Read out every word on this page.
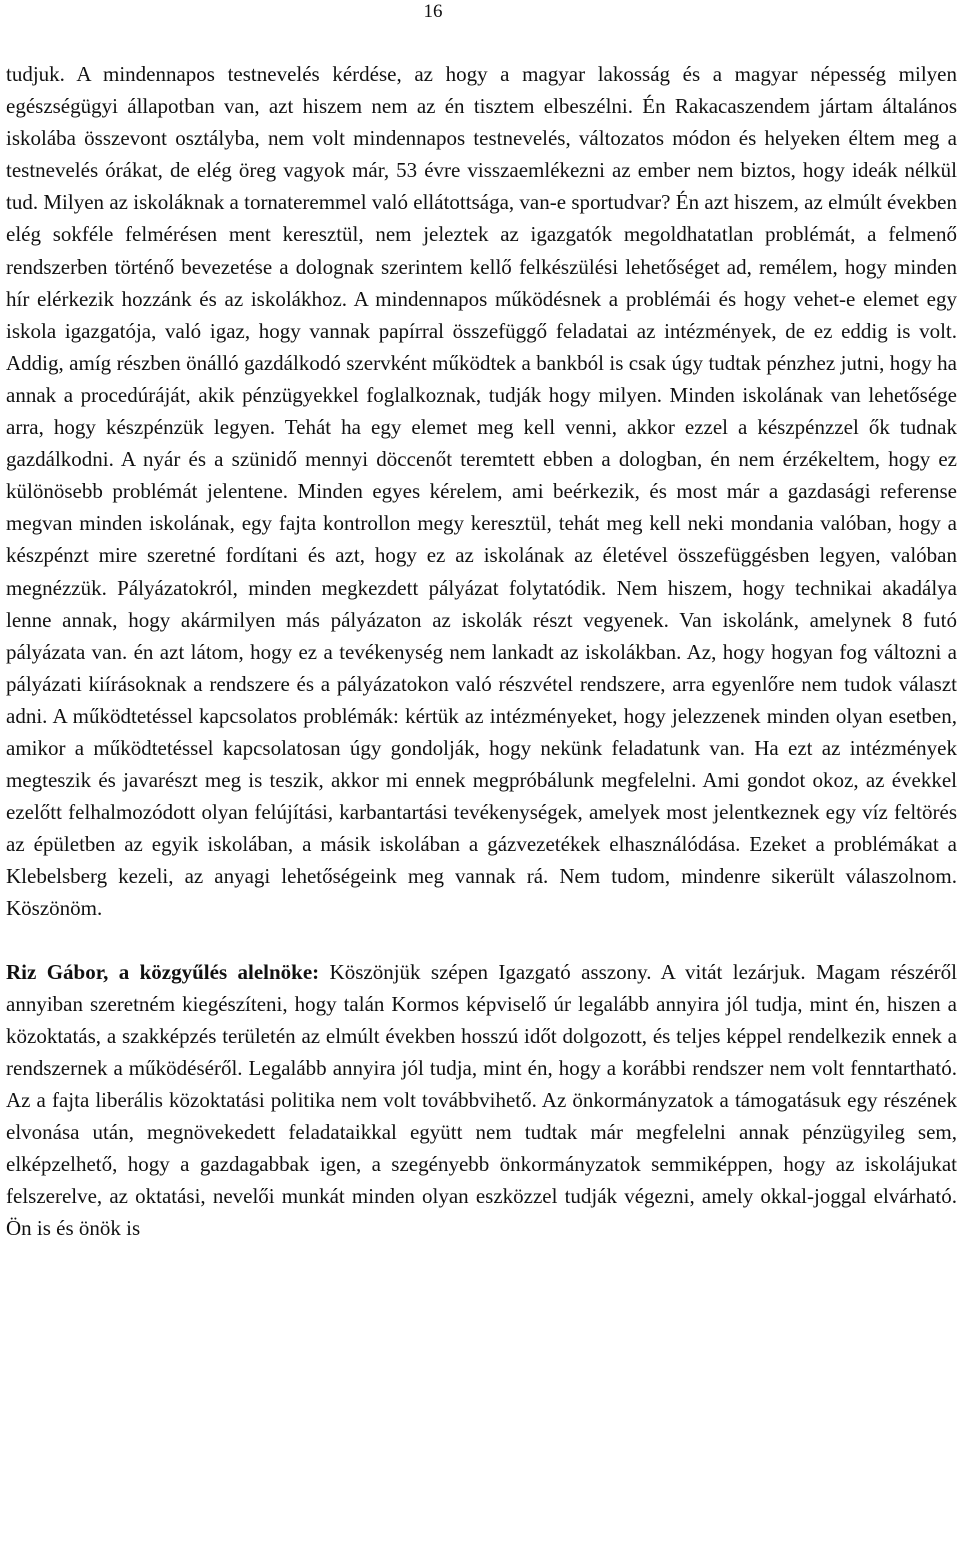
16

tudjuk. A mindennapos testnevelés kérdése, az hogy a magyar lakosság és a magyar népesség milyen egészségügyi állapotban van, azt hiszem nem az én tisztem elbeszélni. Én Rakacaszendem jártam általános iskolába összevont osztályba, nem volt mindennapos testnevelés, változatos módon és helyeken éltem meg a testnevelés órákat, de elég öreg vagyok már, 53 évre visszaemlékezni az ember nem biztos, hogy ideák nélkül tud. Milyen az iskoláknak a tornateremmel való ellátottsága, van-e sportudvar? Én azt hiszem, az elmúlt években elég sokféle felmérésen ment keresztül, nem jeleztek az igazgatók megoldhatatlan problémát, a felmenő rendszerben történő bevezetése a dolognak szerintem kellő felkészülési lehetőséget ad, remélem, hogy minden hír elérkezik hozzánk és az iskolákhoz. A mindennapos működésnek a problémái és hogy vehet-e elemet egy iskola igazgatója, való igaz, hogy vannak papírral összefüggő feladatai az intézmények, de ez eddig is volt. Addig, amíg részben önálló gazdálkodó szervként működtek a bankból is csak úgy tudtak pénzhez jutni, hogy ha annak a procedúráját, akik pénzügyekkel foglalkoznak, tudják hogy milyen. Minden iskolának van lehetősége arra, hogy készpénzük legyen. Tehát ha egy elemet meg kell venni, akkor ezzel a készpénzzel ők tudnak gazdálkodni. A nyár és a szünidő mennyi döccenőt teremtett ebben a dologban, én nem érzékeltem, hogy ez különösebb problémát jelentene. Minden egyes kérelem, ami beérkezik, és most már a gazdasági referense megvan minden iskolának, egy fajta kontrollon megy keresztül, tehát meg kell neki mondania valóban, hogy a készpénzt mire szeretné fordítani és azt, hogy ez az iskolának az életével összefüggésben legyen, valóban megnézzük. Pályázatokról, minden megkezdett pályázat folytatódik. Nem hiszem, hogy technikai akadálya lenne annak, hogy akármilyen más pályázaton az iskolák részt vegyenek. Van iskolánk, amelynek 8 futó pályázata van. én azt látom, hogy ez a tevékenység nem lankadt az iskolákban. Az, hogy hogyan fog változni a pályázati kiírásoknak a rendszere és a pályázatokon való részvétel rendszere, arra egyenlőre nem tudok választ adni. A működtetéssel kapcsolatos problémák: kértük az intézményeket, hogy jelezzenek minden olyan esetben, amikor a működtetéssel kapcsolatosan úgy gondolják, hogy nekünk feladatunk van. Ha ezt az intézmények megteszik és javarészt meg is teszik, akkor mi ennek megpróbálunk megfelelni. Ami gondot okoz, az évekkel ezelőtt felhalmozódott olyan felújítási, karbantartási tevékenységek, amelyek most jelentkeznek egy víz feltörés az épületben az egyik iskolában, a másik iskolában a gázvezetékek elhasználódása. Ezeket a problémákat a Klebelsberg kezeli, az anyagi lehetőségeink meg vannak rá. Nem tudom, mindenre sikerült válaszolnom. Köszönöm.

Riz Gábor, a közgyűlés alelnöke: Köszönjük szépen Igazgató asszony. A vitát lezárjuk. Magam részéről annyiban szeretném kiegészíteni, hogy talán Kormos képviselő úr legalább annyira jól tudja, mint én, hiszen a közoktatás, a szakképzés területén az elmúlt években hosszú időt dolgozott, és teljes képpel rendelkezik ennek a rendszernek a működéséről. Legalább annyira jól tudja, mint én, hogy a korábbi rendszer nem volt fenntartható. Az a fajta liberális közoktatási politika nem volt továbbvihető. Az önkormányzatok a támogatásuk egy részének elvonása után, megnövekedett feladataikkal együtt nem tudtak már megfelelni annak pénzügyileg sem, elképzelhető, hogy a gazdagabbak igen, a szegényebb önkormányzatok semmiképpen, hogy az iskolájukat felszerelve, az oktatási, nevelői munkát minden olyan eszközzel tudják végezni, amely okkal-joggal elvárható. Ön is és önök is
